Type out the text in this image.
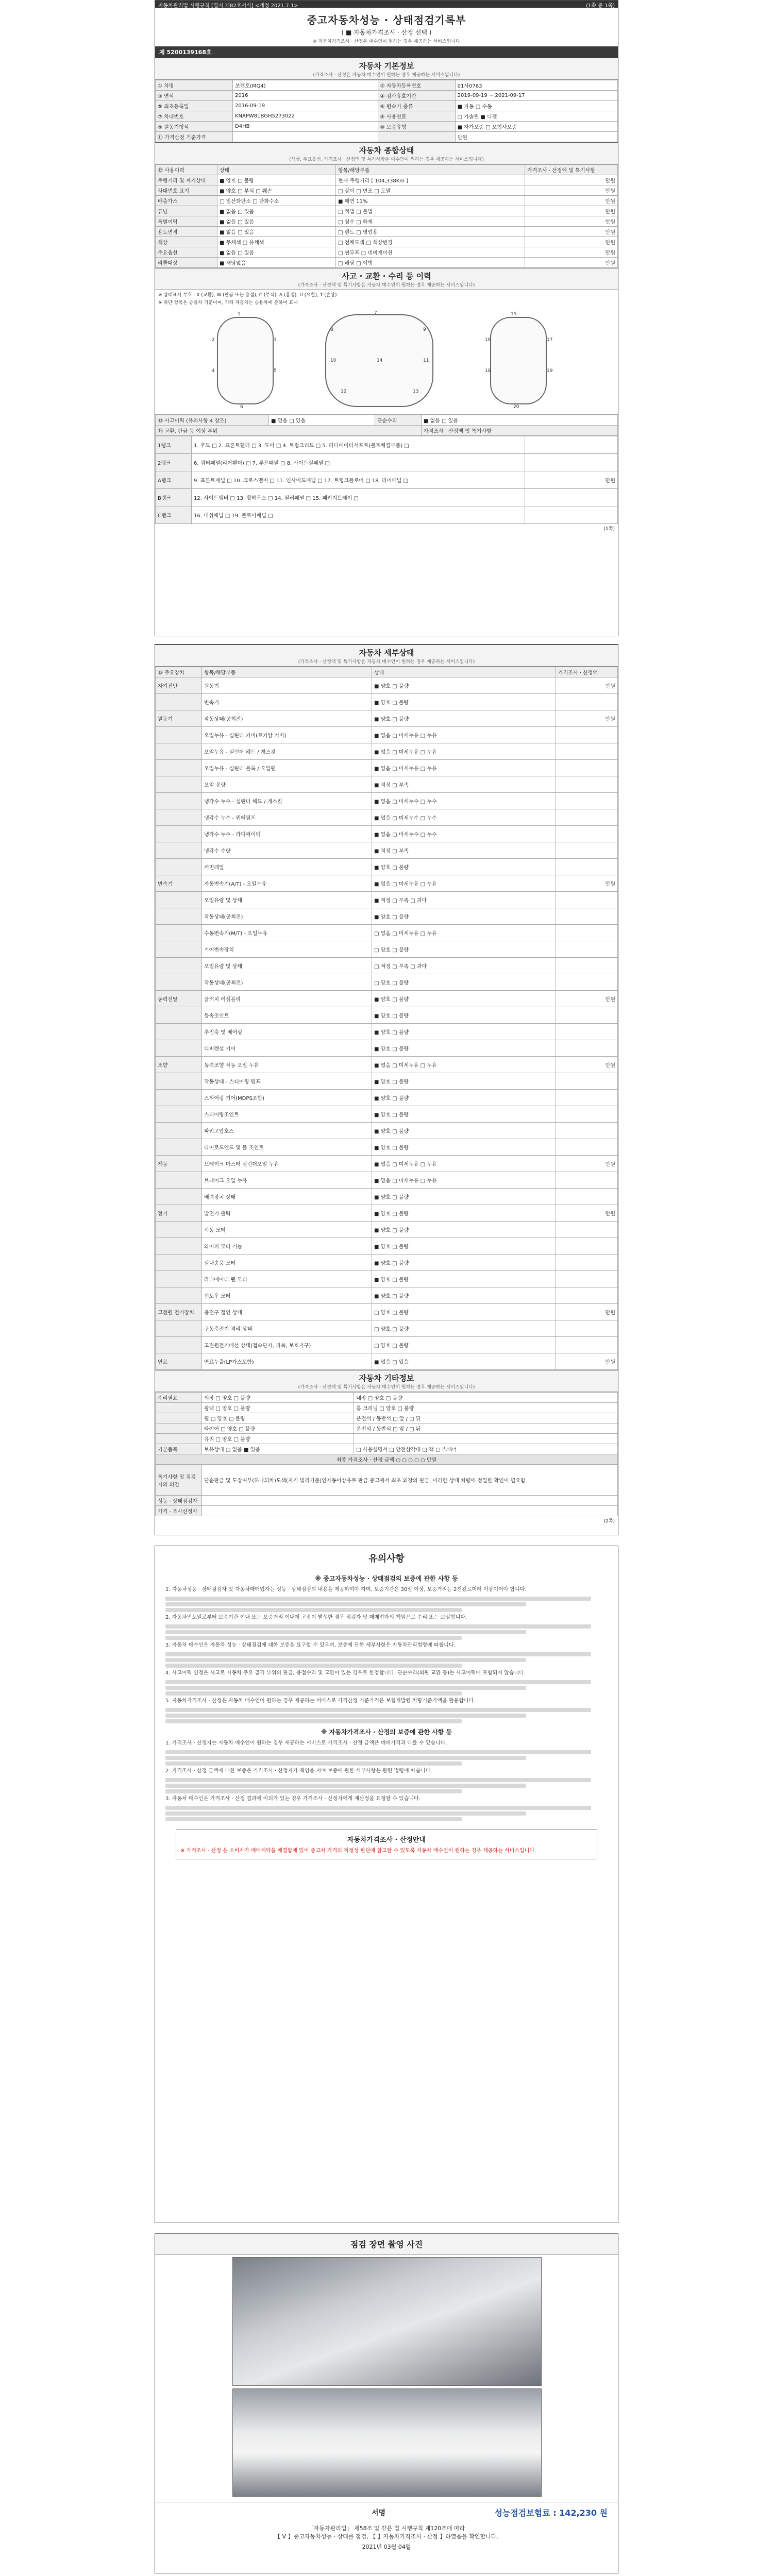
자동차관리법 시행규칙 [별지 제82호서식] <개정 2021.7.1>	(1쪽 중 1쪽)
중고자동차성능 · 상태점검기록부
( ■ 자동차가격조사 · 산정 선택 )
※ 자동차가격조사 · 산정은 매수인이 원하는 경우 제공하는 서비스입니다
제 5200139168호
자동차 기본정보
(가격조사 · 산정은 자동차 매수인이 원하는 경우 제공하는 서비스입니다)
① 차명	쏘렌토(MQ4)	② 자동차등록번호	01사0763
③ 연식	2016	④ 검사유효기간	2019-09-19 ~ 2021-09-17
⑤ 최초등록일	2016-09-19	⑥ 변속기 종류	■ 자동 □ 수동
⑦ 차대번호	KNAPW81BGH5273022	⑧ 사용연료	□ 가솔린 ■ 디젤
⑨ 원동기형식	D4HB	⑩ 보증유형	■ 자가보증 □ 보험사보증
⑪ 가격산정 기준가격			만원
자동차 종합상태
(색상, 주요옵션, 가격조사 · 산정액 및 특기사항은 매수인이 원하는 경우 제공하는 서비스입니다)
⑫ 사용이력	상태	항목/해당부품	가격조사 · 산정액 및 특기사항
주행거리 및 계기상태	■ 양호 □ 불량	현재 주행거리 [ 104,338Km ]	만원
차대번호 표기	■ 양호 □ 부식 □ 훼손	□ 상이 □ 변조 □ 도말	만원
배출가스	□ 일산화탄소 □ 탄화수소	■ 매연 11%	만원
튜닝	■ 없음 □ 있음	□ 적법 □ 불법	만원
특별이력	■ 없음 □ 있음	□ 침수 □ 화재	만원
용도변경	■ 없음 □ 있음	□ 렌트 □ 영업용	만원
색상	■ 무채색 □ 유채색	□ 전체도색 □ 색상변경	만원
주요옵션	■ 없음 □ 있음	□ 썬루프 □ 네비게이션	만원
리콜대상	■ 해당없음	□ 해당 □ 이행	만원
사고 · 교환 · 수리 등 이력
(가격조사 · 산정액 및 특기사항은 자동차 매수인이 원하는 경우 제공하는 서비스입니다)
※ 상태표시 부호 : X (교환), W (판금 또는 용접), C (부식), A (흠집), U (요철), T (손상)
※ 하단 항목은 승용차 기준이며, 기타 자동차는 승용차에 준하여 표시
1
2	3
4	5
6
7
8	9
10	11
12	13
14
15
16	17
18	19
20
⑬ 사고이력 (유의사항 4 참조)	■ 없음 □ 있음	단순수리	■ 없음 □ 있음
⑭ 교환, 판금 등 이상 부위			가격조사 · 산정액 및 특기사항
1랭크	1. 후드 □ 2. 프론트휀더 □ 3. 도어 □ 4. 트렁크리드 □ 5. 라디에이터서포트(볼트체결부품) □	
2랭크	6. 쿼터패널(리어휀더) □ 7. 루프패널 □ 8. 사이드실패널 □	
A랭크	9. 프론트패널 □ 10. 크로스멤버 □ 11. 인사이드패널 □ 17. 트렁크플로어 □ 18. 리어패널 □	만원
B랭크	12. 사이드멤버 □ 13. 휠하우스 □ 14. 필러패널 □ 15. 패키지트레이 □	
C랭크	16. 대쉬패널 □ 19. 플로어패널 □	
(1쪽)
자동차 세부상태
(가격조사 · 산정액 및 특기사항은 자동차 매수인이 원하는 경우 제공하는 서비스입니다)
⑮ 주요장치	항목/해당부품	상태	가격조사 · 산정액
자기진단	원동기	■ 양호 □ 불량	만원
	변속기	■ 양호 □ 불량	
원동기	작동상태(공회전)	■ 양호 □ 불량	만원
	오일누유 - 실린더 커버(로커암 커버)	■ 없음 □ 미세누유 □ 누유	
	오일누유 - 실린더 헤드 / 개스킷	■ 없음 □ 미세누유 □ 누유	
	오일누유 - 실린더 블록 / 오일팬	■ 없음 □ 미세누유 □ 누유	
	오일 유량	■ 적정 □ 부족	
	냉각수 누수 - 실린더 헤드 / 개스킷	■ 없음 □ 미세누수 □ 누수	
	냉각수 누수 - 워터펌프	■ 없음 □ 미세누수 □ 누수	
	냉각수 누수 - 라디에이터	■ 없음 □ 미세누수 □ 누수	
	냉각수 수량	■ 적정 □ 부족	
	커먼레일	■ 양호 □ 불량	
변속기	자동변속기(A/T) - 오일누유	■ 없음 □ 미세누유 □ 누유	만원
	오일유량 및 상태	■ 적정 □ 부족 □ 과다	
	작동상태(공회전)	■ 양호 □ 불량	
	수동변속기(M/T) - 오일누유	□ 없음 □ 미세누유 □ 누유	
	기어변속장치	□ 양호 □ 불량	
	오일유량 및 상태	□ 적정 □ 부족 □ 과다	
	작동상태(공회전)	□ 양호 □ 불량	
동력전달	클러치 어셈블리	■ 양호 □ 불량	만원
	등속조인트	■ 양호 □ 불량	
	추진축 및 베어링	■ 양호 □ 불량	
	디퍼렌셜 기어	■ 양호 □ 불량	
조향	동력조향 작동 오일 누유	■ 없음 □ 미세누유 □ 누유	만원
	작동상태 - 스티어링 펌프	■ 양호 □ 불량	
	스티어링 기어(MDPS포함)	■ 양호 □ 불량	
	스티어링조인트	■ 양호 □ 불량	
	파워고압호스	■ 양호 □ 불량	
	타이로드엔드 및 볼 조인트	■ 양호 □ 불량	
제동	브레이크 마스터 실린더오일 누유	■ 없음 □ 미세누유 □ 누유	만원
	브레이크 오일 누유	■ 없음 □ 미세누유 □ 누유	
	배력장치 상태	■ 양호 □ 불량	
전기	발전기 출력	■ 양호 □ 불량	만원
	시동 모터	■ 양호 □ 불량	
	와이퍼 모터 기능	■ 양호 □ 불량	
	실내송풍 모터	■ 양호 □ 불량	
	라디에이터 팬 모터	■ 양호 □ 불량	
	윈도우 모터	■ 양호 □ 불량	
고전원 전기장치	충전구 절연 상태	□ 양호 □ 불량	만원
	구동축전지 격리 상태	□ 양호 □ 불량	
	고전원전기배선 상태(접속단자, 피복, 보호기구)	□ 양호 □ 불량	
연료	연료누출(LP가스포함)	■ 없음 □ 있음	만원
자동차 기타정보
(가격조사 · 산정액 및 특기사항은 자동차 매수인이 원하는 경우 제공하는 서비스입니다)
수리필요	외장 □ 양호 □ 불량	내장 □ 양호 □ 불량
	광택 □ 양호 □ 불량	룸 크리닝 □ 양호 □ 불량
	휠 □ 양호 □ 불량	운전석 / 동반석 □ 앞 / □ 뒤
	타이어 □ 양호 □ 불량	운전석 / 동반석 □ 앞 / □ 뒤
	유리 □ 양호 □ 불량	
기본품목	보유상태 □ 없음 ■ 있음	□ 사용설명서 □ 안전삼각대 □ 잭 □ 스패너
최종 가격조사 · 산정 금액 ○ ○ ○ ○ ○ 만원		
특기사항 및 점검자의 의견	단순판금 및 도장여부(하나되차)도색(자기 빛리기준)인자동이상유무 판금 중고에서 최초 외장의 판금, 이러한 상태 차량에 정밀한 확인이 필요함	
성능 · 상태점검자		
가격 · 조사산정자		
(2쪽)
유의사항
※ 중고자동차성능 · 상태점검의 보증에 관한 사항 등
1. 자동차성능 · 상태점검자 및 자동차매매업자는 성능 · 상태점검의 내용을 제공하여야 하며, 보증기간은 30일 이상, 보증거리는 2천킬로미터 이상이어야 합니다.
2. 자동차인도일로부터 보증기간 이내 또는 보증거리 이내에 고장이 발생한 경우 점검자 및 매매업자의 책임으로 수리 또는 보상합니다.
3. 자동차 매수인은 자동차 성능 · 상태점검에 대한 보증을 요구할 수 있으며, 보증에 관한 세부사항은 자동차관리법령에 따릅니다.
4. 사고이력 인정은 사고로 자동차 주요 골격 부위의 판금, 용접수리 및 교환이 있는 경우로 한정합니다. 단순수리(외판 교환 등)는 사고이력에 포함되지 않습니다.
5. 자동차가격조사 · 산정은 자동차 매수인이 원하는 경우 제공하는 서비스로 가격산정 기준가격은 보험개발원 차량기준가액을 활용합니다.
※ 자동차가격조사 · 산정의 보증에 관한 사항 등
1. 가격조사 · 산정자는 자동차 매수인이 원하는 경우 제공하는 서비스로 가격조사 · 산정 금액은 매매가격과 다를 수 있습니다.
2. 가격조사 · 산정 금액에 대한 보증은 가격조사 · 산정자가 책임을 지며 보증에 관한 세부사항은 관련 법령에 따릅니다.
3. 자동차 매수인은 가격조사 · 산정 결과에 이의가 있는 경우 가격조사 · 산정자에게 재산정을 요청할 수 있습니다.
자동차가격조사 · 산정안내
※ 가격조사 · 산정 은 소비자가 매매계약을 체결함에 있어 중고차 가격의 적정성 판단에 참고할 수 있도록 자동차 매수인이 원하는 경우 제공하는 서비스입니다.
점검 장면 촬영 사진
서명	성능점검보험료 : 142,230 원
「자동차관리법」 제58조 및 같은 법 시행규칙 제120조에 따라
【 V 】중고자동차성능 · 상태를 점검, 【 】자동차가격조사 · 산정 】하였음을 확인합니다.
2021년 03월 04일
